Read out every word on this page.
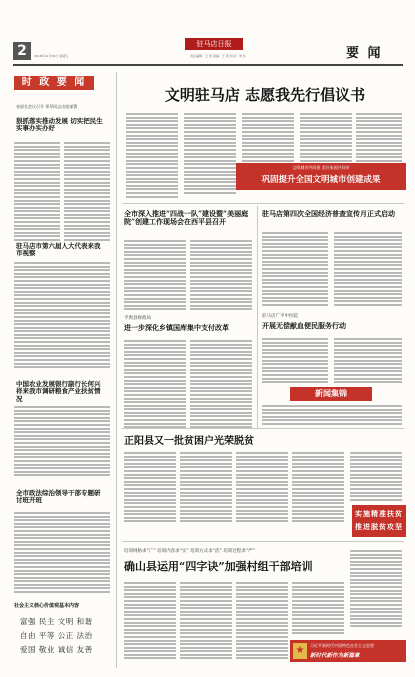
2	驻马店日报
2018年11月30日 星期五	责任编辑：王 欢 美编：王 欢 校对：刘 华	要 闻
时 政 要 闻
省部长会议召开 领导同志出席部署
狠抓落实推动发展 切实把民生实事办实办好
驻马店市第六届人大代表来我市视察
中国农业发展银行副行长何兴祥来我市调研粮食产业扶贫情况
全市政法综治领导干部专题研讨班开班
社会主义核心价值观基本内容
富强 民主 文明 和谐
自由 平等 公正 法治
爱国 敬业 诚信 友善
文明驻马店 志愿我先行倡议书
文明城市共同建 美好家园共同享
巩固提升全国文明城市创建成果
全市深入推进“四战一队”建设暨“美丽庭院”创建工作现场会在西平县召开
平舆县财政局
进一步深化乡镇国库集中支付改革
驻马店第四次全国经济普查宣传月正式启动
驻马店广平中医院
开展无偿献血便民服务行动
新闻集锦
正阳县又一批贫困户光荣脱贫
实施精准扶贫
推进脱贫攻坚
培训网格求“广” 培训内容求“实” 培训方式求“活” 培训过程求“严”
确山县运用“四字诀”加强村组干部培训
★	习近平新时代中国特色社会主义思想
新时代新作为新篇章
